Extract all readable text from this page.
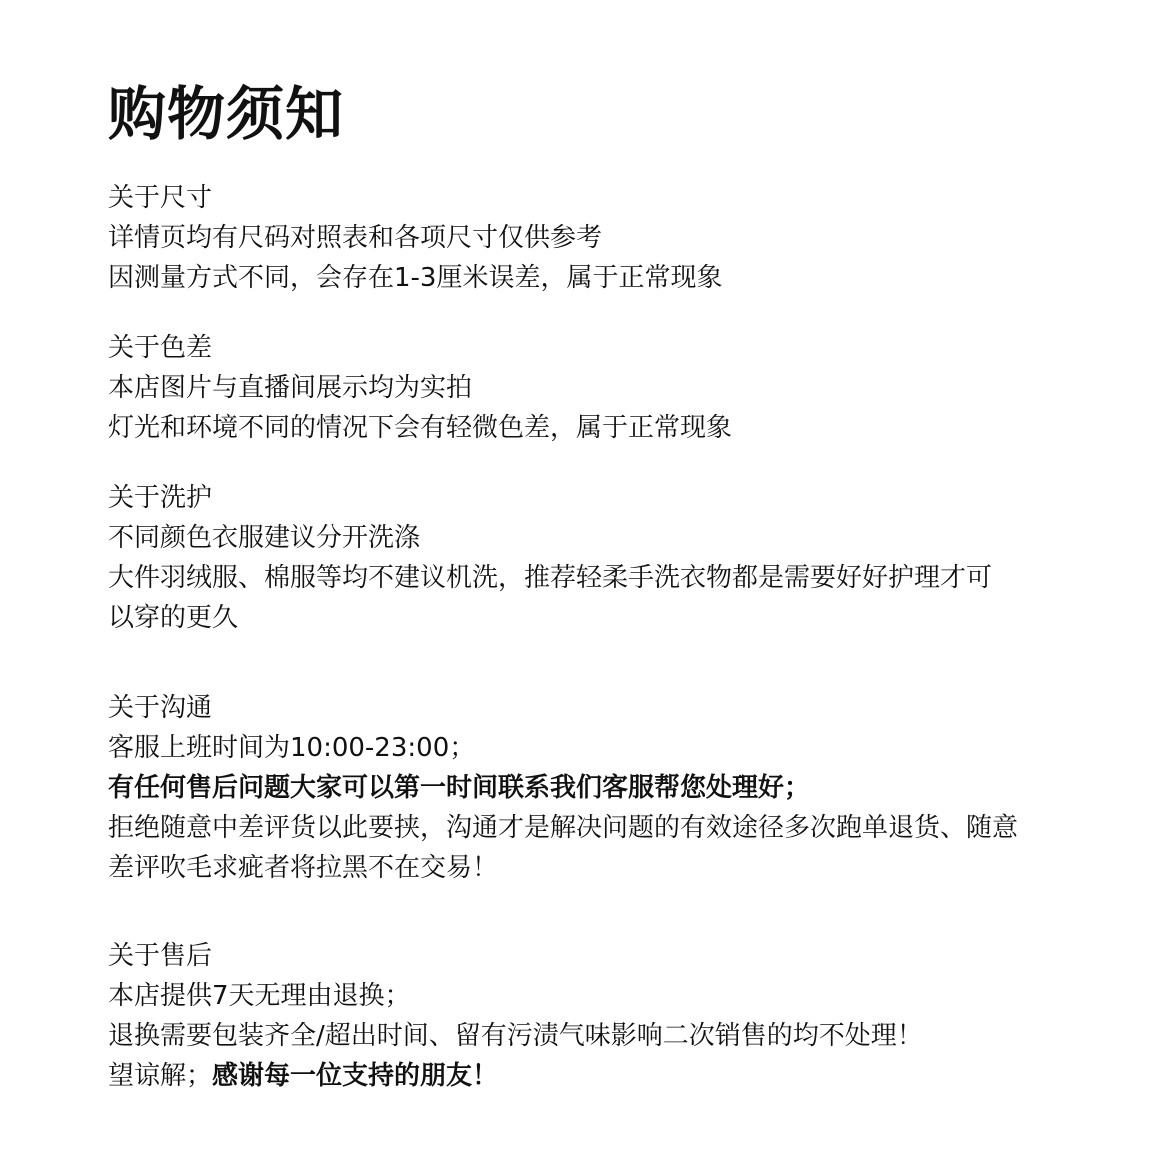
购物须知

关于尺寸

详情页均有尺码对照表和各项尺寸仅供参考

因测量方式不同，会存在1-3厘米误差，属于正常现象

关于色差

本店图片与直播间展示均为实拍

灯光和环境不同的情况下会有轻微色差，属于正常现象

关于洗护

不同颜色衣服建议分开洗涤

大件羽绒服、棉服等均不建议机洗，推荐轻柔手洗衣物都是需要好好护理才可

以穿的更久

关于沟通

客服上班时间为10:00-23:00；

有任何售后问题大家可以第一时间联系我们客服帮您处理好；

拒绝随意中差评货以此要挟，沟通才是解决问题的有效途径多次跑单退货、随意

差评吹毛求疵者将拉黑不在交易！

关于售后

本店提供7天无理由退换；

退换需要包装齐全/超出时间、留有污渍气味影响二次销售的均不处理！

望谅解；感谢每一位支持的朋友！
